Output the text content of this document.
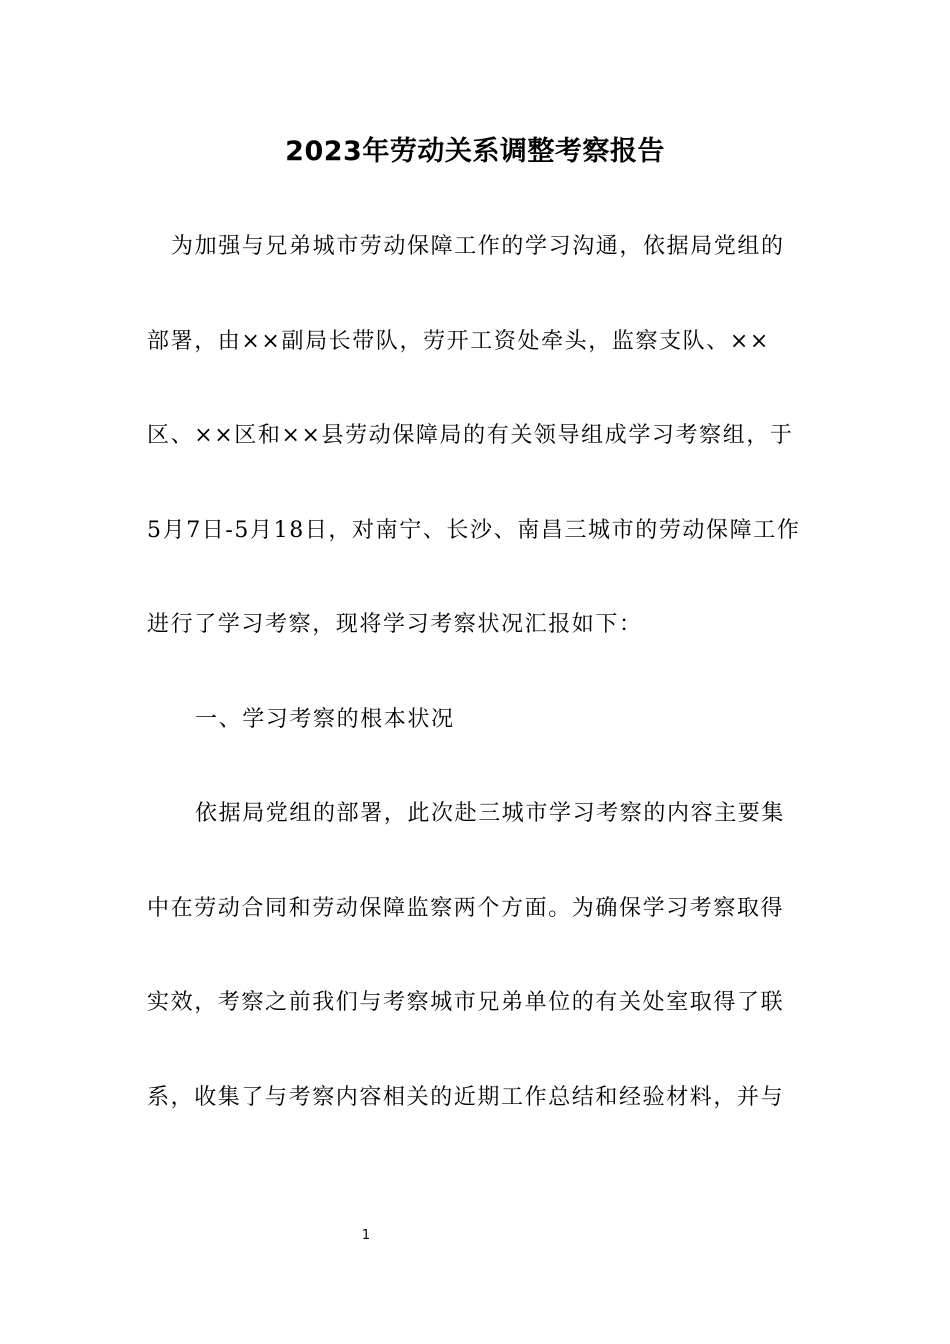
2023年劳动关系调整考察报告

为加强与兄弟城市劳动保障工作的学习沟通，依据局党组的部署，由××副局长带队，劳开工资处牵头，监察支队、××区、××区和××县劳动保障局的有关领导组成学习考察组，于5月7日-5月18日，对南宁、长沙、南昌三城市的劳动保障工作进行了学习考察，现将学习考察状况汇报如下：

一、学习考察的根本状况

依据局党组的部署，此次赴三城市学习考察的内容主要集中在劳动合同和劳动保障监察两个方面。为确保学习考察取得实效，考察之前我们与考察城市兄弟单位的有关处室取得了联系，收集了与考察内容相关的近期工作总结和经验材料，并与

1
